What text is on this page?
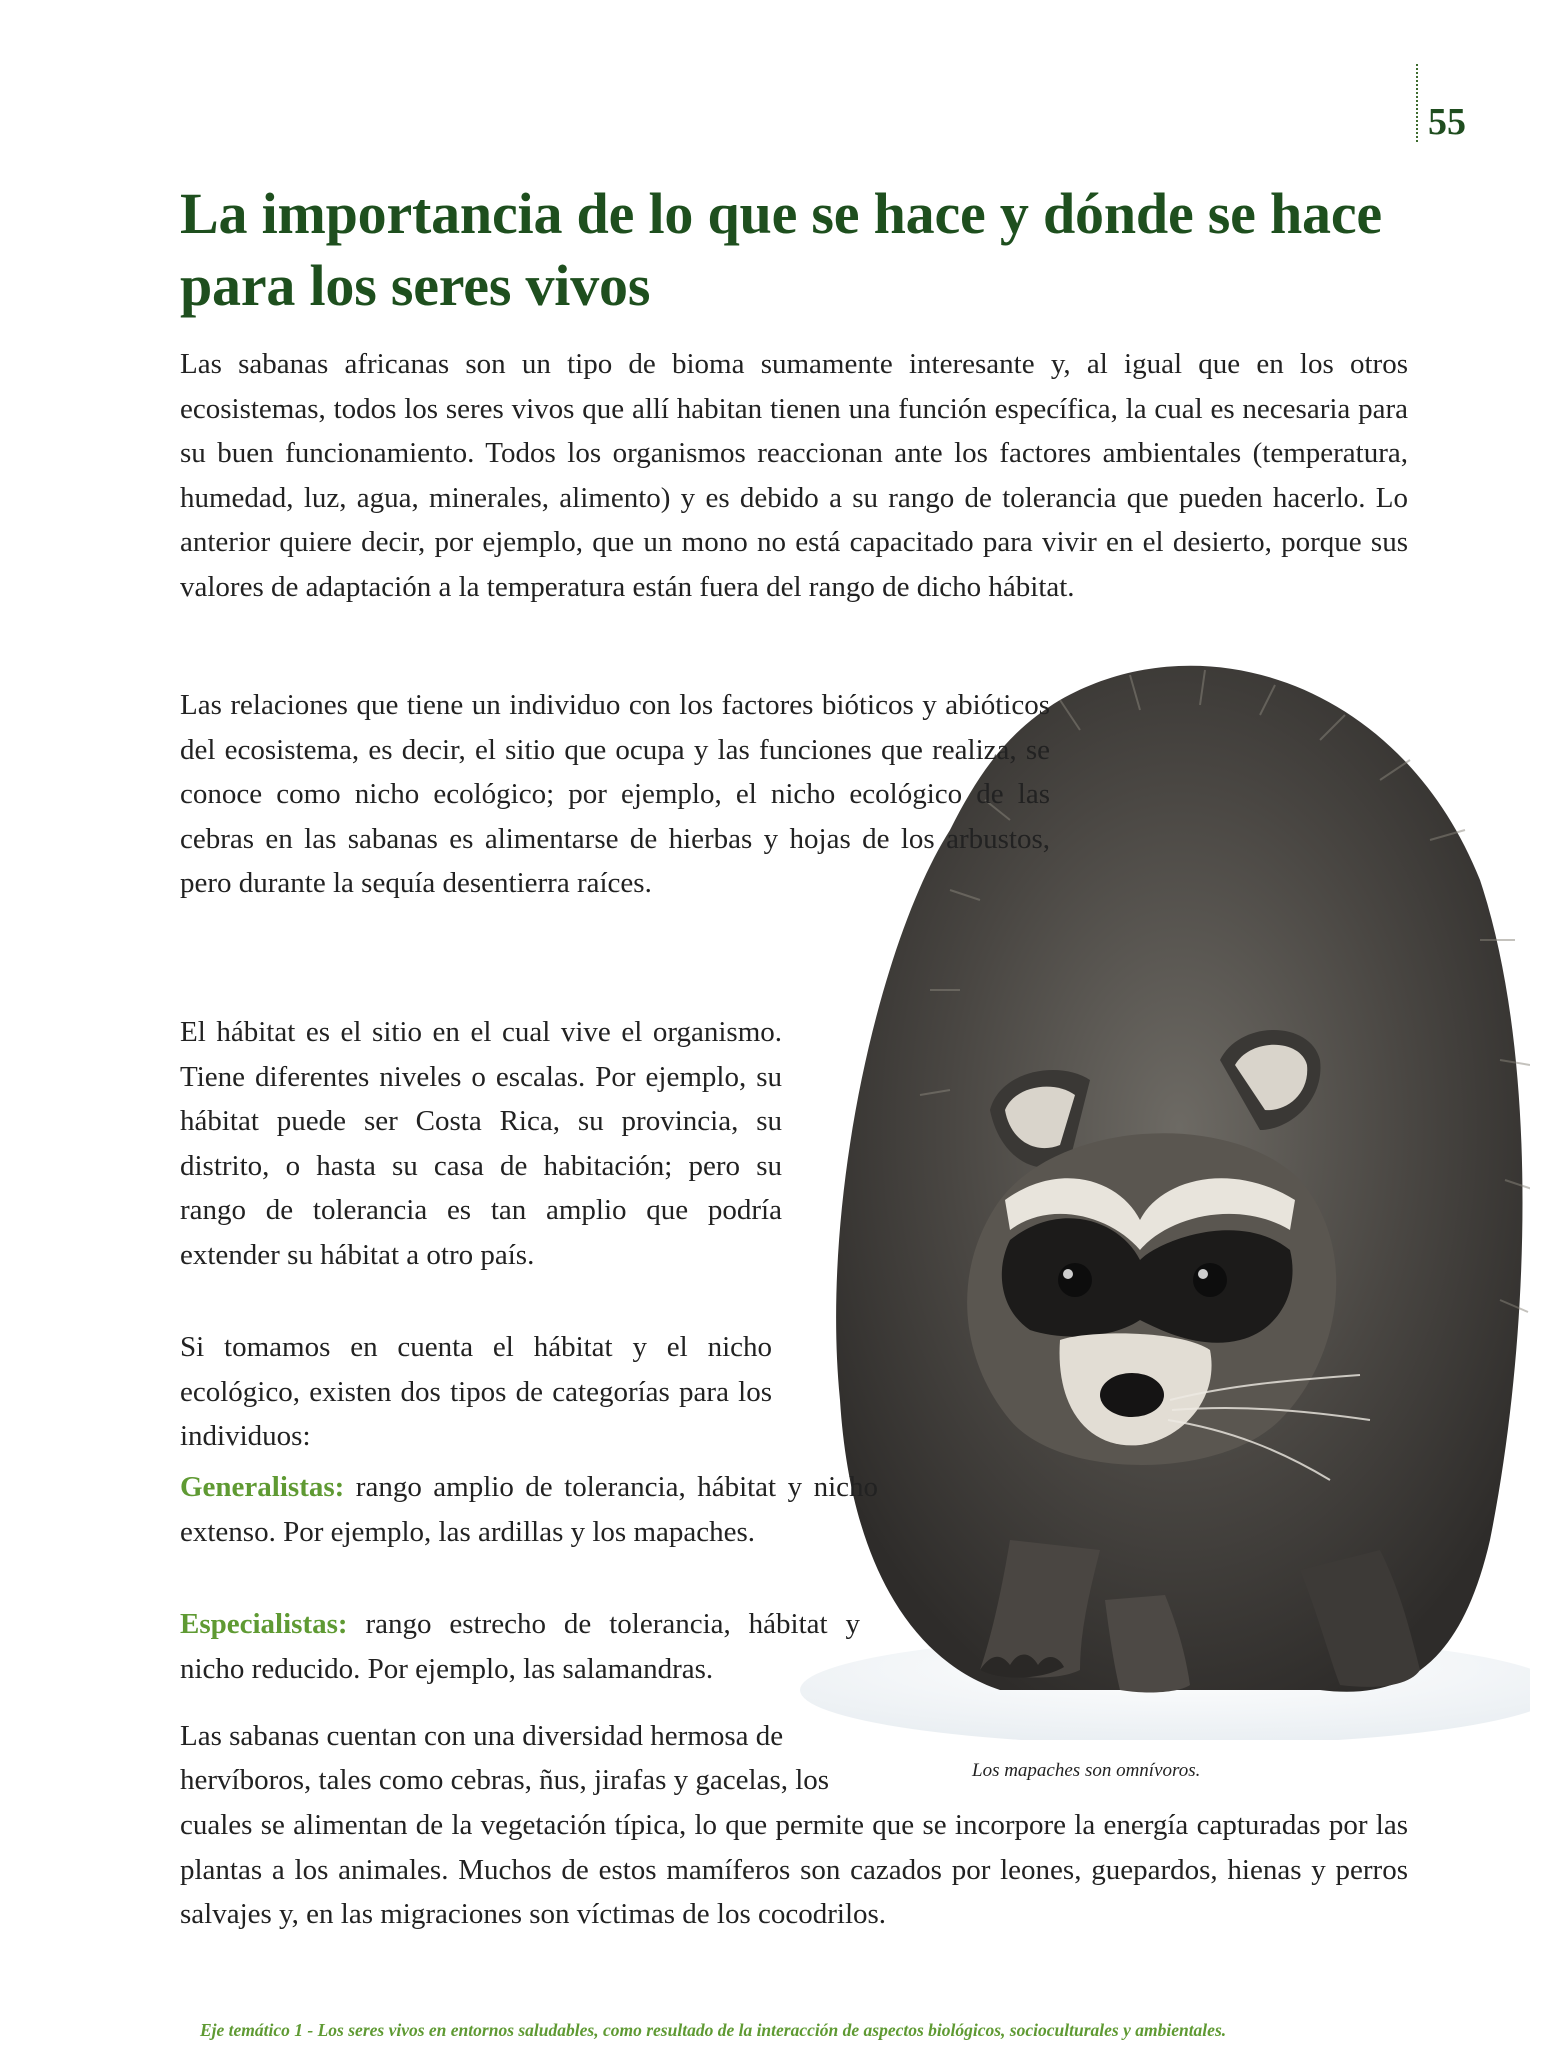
55
La importancia de lo que se hace y dónde se hace para los seres vivos

Las sabanas africanas son un tipo de bioma sumamente interesante y, al igual que en los otros ecosistemas, todos los seres vivos que allí habitan tienen una función específica, la cual es necesaria para su buen funcionamiento. Todos los organismos reaccionan ante los factores ambientales (temperatura, humedad, luz, agua, minerales, alimento) y es debido a su rango de tolerancia que pueden hacerlo. Lo anterior quiere decir, por ejemplo, que un mono no está capacitado para vivir en el desierto, porque sus valores de adaptación a la temperatura están fuera del rango de dicho hábitat.

Las relaciones que tiene un individuo con los factores bióticos y abióticos del ecosistema, es decir, el sitio que ocupa y las funciones que realiza, se conoce como nicho ecológico; por ejemplo, el nicho ecológico de las cebras en las sabanas es alimentarse de hierbas y hojas de los arbustos, pero durante la sequía desentierra raíces.

El hábitat es el sitio en el cual vive el organismo. Tiene diferentes niveles o escalas. Por ejemplo, su hábitat puede ser Costa Rica, su provincia, su distrito, o hasta su casa de habitación; pero su rango de tolerancia es tan amplio que podría extender su hábitat a otro país.

Si tomamos en cuenta el hábitat y el nicho ecológico, existen dos tipos de categorías para los individuos:

Generalistas: rango amplio de tolerancia, hábitat y nicho extenso. Por ejemplo, las ardillas y los mapaches.

Especialistas: rango estrecho de tolerancia, hábitat y nicho reducido. Por ejemplo, las salamandras.

Las sabanas cuentan con una diversidad hermosa de
hervíboros, tales como cebras, ñus, jirafas y gacelas, los

cuales se alimentan de la vegetación típica, lo que permite que se incorpore la energía capturadas por las plantas a los animales. Muchos de estos mamíferos son cazados por leones, guepardos, hienas y perros salvajes y, en las migraciones son víctimas de los cocodrilos.

Los mapaches son omnívoros.
Eje temático 1 - Los seres vivos en entornos saludables, como resultado de la interacción de aspectos biológicos, socioculturales y ambientales.
